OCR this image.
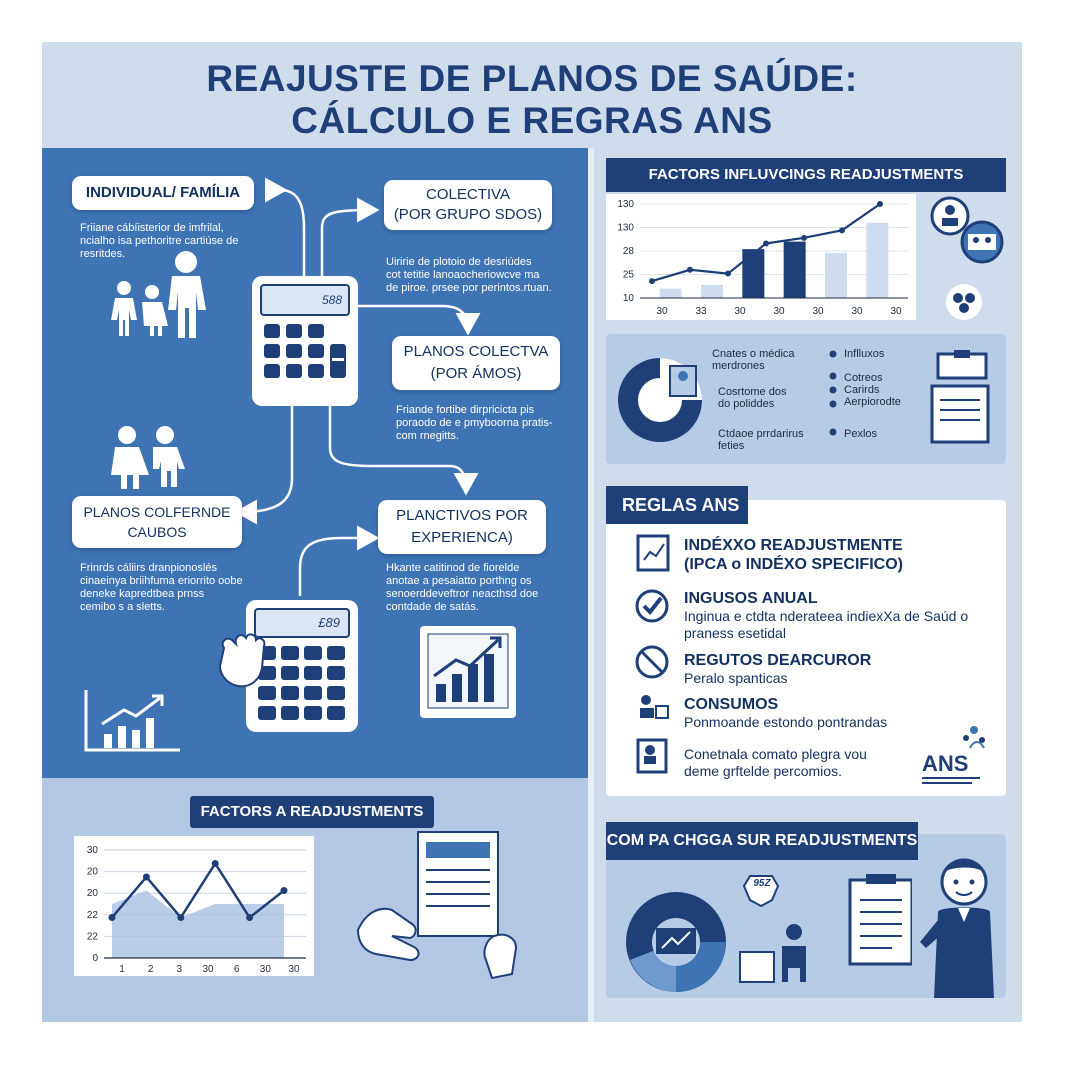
REAJUSTE DE PLANOS DE SAÚDE:
CÁLCULO E REGRAS ANS
INDIVIDUAL/ FAMÍLIA
Friiane cábíisterior de imfrilal,
ncialho isa pethoritre cartiúse de
resritdes.
COLECTIVA
(POR GRUPO SDOS)
Uiririe de plotoio de desriúdes
cot tetitie lanoaocheriowcve ma
de piroe. prsee por perintos.rtuan.
588
PLANOS COLECTVA
(POR ÁMOS)
Friande fortibe dirpricicta pis
poraodo de e pmyboorna pratis-
com rnegitts.
PLANOS COLFERNDE
CAUBOS
Frinrds cáliirs dranpionoslés
cinaeinya briihfuma eriorrito oobe
deneke kapredtbea prnss
cemibo s a sletts.
PLANCTIVOS POR
EXPERIENCA)
Hkante catitinod de fiorelde
anotae a pesaiatto porthng os
senoerddeveftror neacthsd doe
contdade de satás.
£89
FACTORS A READJUSTMENTS
0
22
22
20
20
30
1 2 3 30 6 30 30
FACTORS INFLUVCINGS READJUSTMENTS
10
25
28
130
130
30	33	30	30	30	30	30
Cnates o médica
merdrones
Cosrtome dos
do poliddes
Ctdaoe prrdarirus
feties
Inflluxos
Cotreos
Carirds
Aerpiorodte
Pexlos
REGLAS ANS
INDÉXXO READJUSTMENTE
(IPCA o INDÉXO SPECIFICO)
INGUSOS ANUAL
Inginua e ctdta nderateea indiexXa de Saúd o
praness esetidal
REGUTOS DEARCUROR
Peralo spanticas
CONSUMOS
Ponmoande estondo pontrandas
Conetnala comato plegra vou
deme grftelde percomios.	ANS
COM PA CHGGA SUR READJUSTMENTS
95Z
